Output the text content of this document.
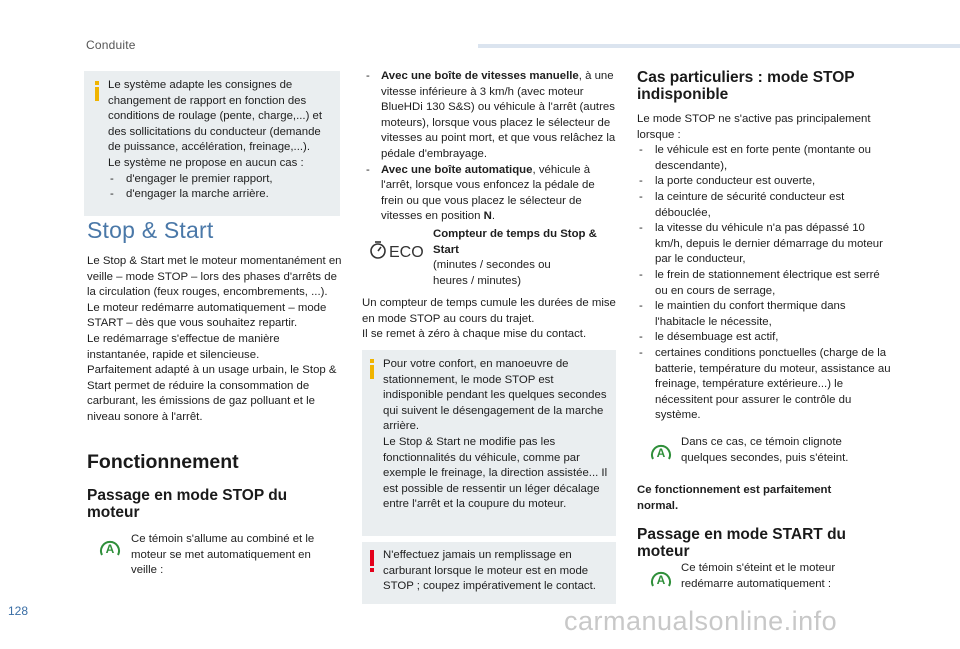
Conduite

Le système adapte les consignes de changement de rapport en fonction des conditions de roulage (pente, charge,...) et des sollicitations du conducteur (demande de puissance, accélération, freinage,...).

Le système ne propose en aucun cas :

- d'engager le premier rapport,
- d'engager la marche arrière.
Stop & Start

Le Stop & Start met le moteur momentanément en veille – mode STOP – lors des phases d'arrêts de la circulation (feux rouges, encombrements, ...). Le moteur redémarre automatiquement – mode START – dès que vous souhaitez repartir.

Le redémarrage s'effectue de manière instantanée, rapide et silencieuse.

Parfaitement adapté à un usage urbain, le Stop & Start permet de réduire la consommation de carburant, les émissions de gaz polluant et le niveau sonore à l'arrêt.

Fonctionnement
Passage en mode STOP du moteur
A
Ce témoin s'allume au combiné et le moteur se met automatiquement en veille :
- Avec une boîte de vitesses manuelle, à une vitesse inférieure à 3 km/h (avec moteur BlueHDi 130 S&S) ou véhicule à l'arrêt (autres moteurs), lorsque vous placez le sélecteur de vitesses au point mort, et que vous relâchez la pédale d'embrayage.
- Avec une boîte automatique, véhicule à l'arrêt, lorsque vous enfoncez la pédale de frein ou que vous placez le sélecteur de vitesses en position N.
ECO

Compteur de temps du Stop & Start

(minutes / secondes ou heures / minutes)

Un compteur de temps cumule les durées de mise en mode STOP au cours du trajet.

Il se remet à zéro à chaque mise du contact.

Pour votre confort, en manoeuvre de stationnement, le mode STOP est indisponible pendant les quelques secondes qui suivent le désengagement de la marche arrière.

Le Stop & Start ne modifie pas les fonctionnalités du véhicule, comme par exemple le freinage, la direction assistée... Il est possible de ressentir un léger décalage entre l'arrêt et la coupure du moteur.

N'effectuez jamais un remplissage en carburant lorsque le moteur est en mode STOP ; coupez impérativement le contact.

Cas particuliers : mode STOP indisponible

Le mode STOP ne s'active pas principalement lorsque :

- le véhicule est en forte pente (montante ou descendante),
- la porte conducteur est ouverte,
- la ceinture de sécurité conducteur est débouclée,
- la vitesse du véhicule n'a pas dépassé 10 km/h, depuis le dernier démarrage du moteur par le conducteur,
- le frein de stationnement électrique est serré ou en cours de serrage,
- le maintien du confort thermique dans l'habitacle le nécessite,
- le désembuage est actif,
- certaines conditions ponctuelles (charge de la batterie, température du moteur, assistance au freinage, température extérieure...) le nécessitent pour assurer le contrôle du système.
A
Dans ce cas, ce témoin clignote quelques secondes, puis s'éteint.
Ce fonctionnement est parfaitement normal.
Passage en mode START du moteur
A
Ce témoin s'éteint et le moteur redémarre automatiquement :
128	carmanualsonline.info
